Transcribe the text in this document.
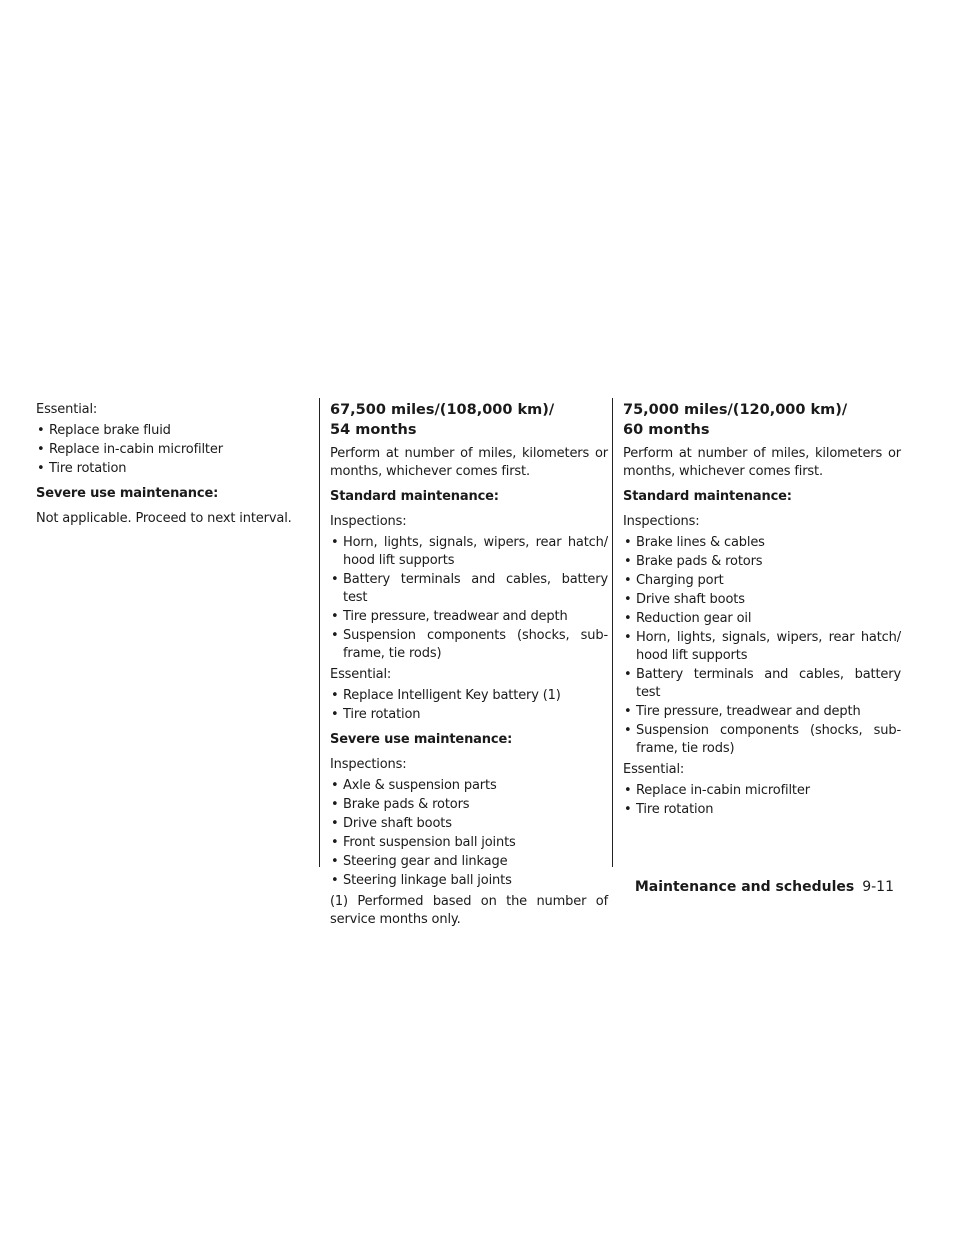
Essential:

• Replace brake fluid
• Replace in-cabin microfilter
• Tire rotation

Severe use maintenance:

Not applicable. Proceed to next interval.

67,500 miles/(108,000 km)/
54 months

Perform at number of miles, kilometers or months, whichever comes first.

Standard maintenance:

Inspections:

• Horn, lights, signals, wipers, rear hatch/ hood lift supports
• Battery terminals and cables, battery test
• Tire pressure, treadwear and depth
• Suspension components (shocks, sub-frame, tie rods)

Essential:

• Replace Intelligent Key battery (1)
• Tire rotation

Severe use maintenance:

Inspections:

• Axle & suspension parts
• Brake pads & rotors
• Drive shaft boots
• Front suspension ball joints
• Steering gear and linkage
• Steering linkage ball joints

(1) Performed based on the number of service months only.

75,000 miles/(120,000 km)/
60 months

Perform at number of miles, kilometers or months, whichever comes first.

Standard maintenance:

Inspections:

• Brake lines & cables
• Brake pads & rotors
• Charging port
• Drive shaft boots
• Reduction gear oil
• Horn, lights, signals, wipers, rear hatch/ hood lift supports
• Battery terminals and cables, battery test
• Tire pressure, treadwear and depth
• Suspension components (shocks, sub-frame, tie rods)

Essential:

• Replace in-cabin microfilter
• Tire rotation
Maintenance and schedules 9-11
